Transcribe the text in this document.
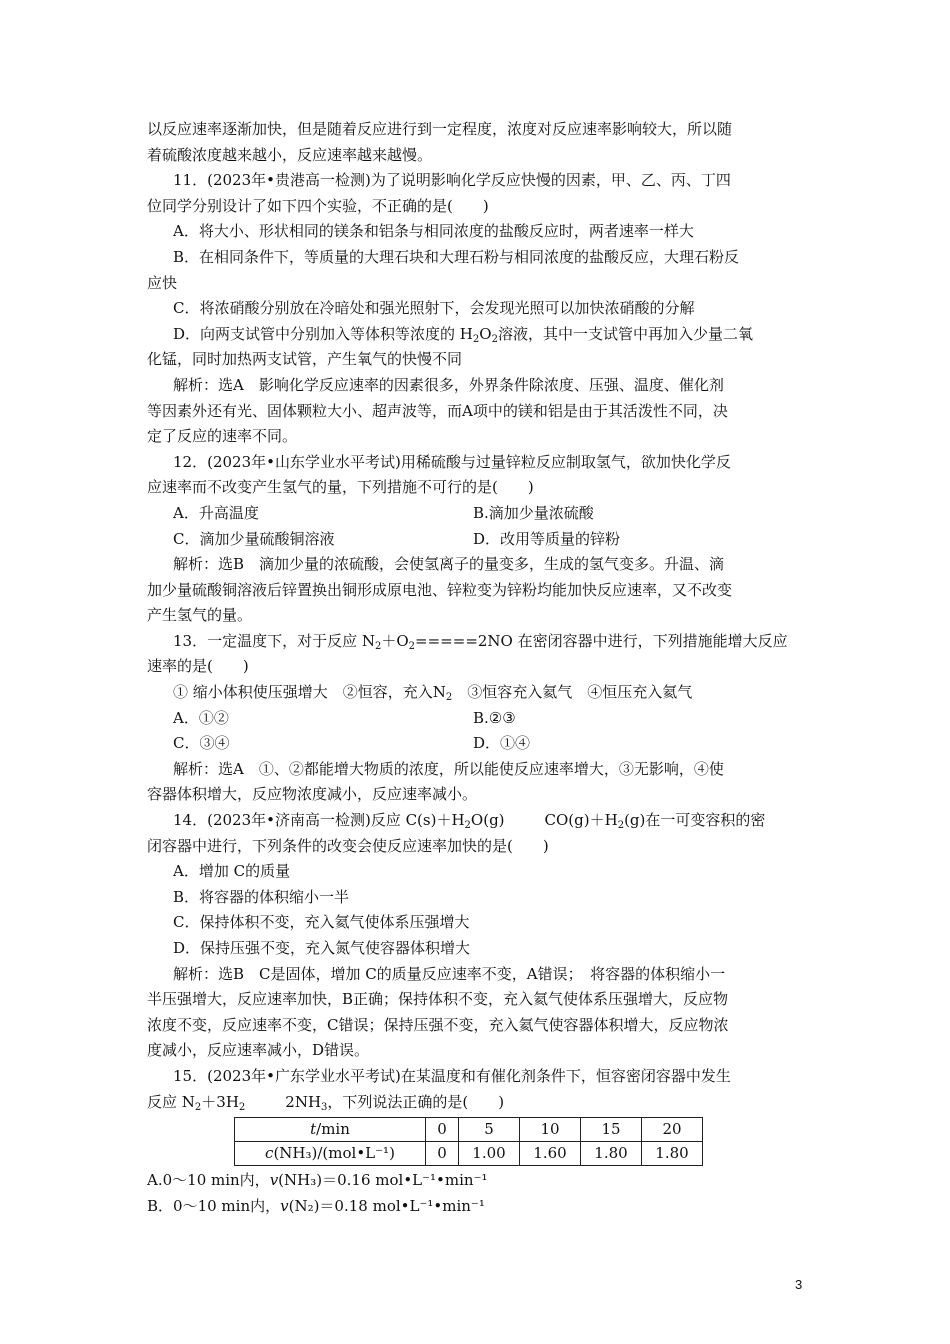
以反应速率逐渐加快，但是随着反应进行到一定程度，浓度对反应速率影响较大，所以随

着硫酸浓度越来越小，反应速率越来越慢。

11．(2023年•贵港高一检测)为了说明影响化学反应快慢的因素，甲、乙、丙、丁四

位同学分别设计了如下四个实验，不正确的是(　　)

A．将大小、形状相同的镁条和铝条与相同浓度的盐酸反应时，两者速率一样大

B．在相同条件下，等质量的大理石块和大理石粉与相同浓度的盐酸反应，大理石粉反

应快

C．将浓硝酸分别放在冷暗处和强光照射下，会发现光照可以加快浓硝酸的分解

D．向两支试管中分别加入等体积等浓度的 $H_2O_2$溶液，其中一支试管中再加入少量二氧

化锰，同时加热两支试管，产生氧气的快慢不同

解析：选A　影响化学反应速率的因素很多，外界条件除浓度、压强、温度、催化剂

等因素外还有光、固体颗粒大小、超声波等，而A项中的镁和铝是由于其活泼性不同，决

定了反应的速率不同。

12．(2023年•山东学业水平考试)用稀硫酸与过量锌粒反应制取氢气，欲加快化学反

应速率而不改变产生氢气的量，下列措施不可行的是(　　)

A．升高温度	B.滴加少量浓硫酸
C．滴加少量硫酸铜溶液	D．改用等质量的锌粉

解析：选B　滴加少量的浓硫酸，会使氢离子的量变多，生成的氢气变多。升温、滴

加少量硫酸铜溶液后锌置换出铜形成原电池、锌粒变为锌粉均能加快反应速率，又不改变

产生氢气的量。

13．一定温度下，对于反应 $N_2+O_2=====2NO$ 在密闭容器中进行，下列措施能增大反应

速率的是(　　)

① 缩小体积使压强增大　②恒容，充入$N_2$　③恒容充入氦气　④恒压充入氦气

A．①②	B.②③
C．③④	D．①④

解析：选A　①、②都能增大物质的浓度，所以能使反应速率增大，③无影响，④使

容器体积增大，反应物浓度减小，反应速率减小。

14．(2023年•济南高一检测)反应 $C(s)+H_2O(g)$	$CO(g)+H_2(g)$在一可变容积的密

闭容器中进行，下列条件的改变会使反应速率加快的是(　　)

A．增加 C的质量

B．将容器的体积缩小一半

C．保持体积不变，充入氦气使体系压强增大

D．保持压强不变，充入氮气使容器体积增大

解析：选B　C是固体，增加 C的质量反应速率不变，A错误；　将容器的体积缩小一

半压强增大，反应速率加快，B正确；保持体积不变，充入氦气使体系压强增大，反应物

浓度不变，反应速率不变，C错误；保持压强不变，充入氦气使容器体积增大，反应物浓

度减小，反应速率减小，D错误。

15．(2023年•广东学业水平考试)在某温度和有催化剂条件下，恒容密闭容器中发生

反应 $N_2+3H_2$	$2NH_3$，下列说法正确的是(　　)

t/min	0	5	10	15	20
c(NH₃)/(mol•L⁻¹)	0	1.00	1.60	1.80	1.80

A.0～10 min内，v(NH₃)＝0.16 mol•L⁻¹•min⁻¹

B．0～10 min内，v(N₂)＝0.18 mol•L⁻¹•min⁻¹

3
